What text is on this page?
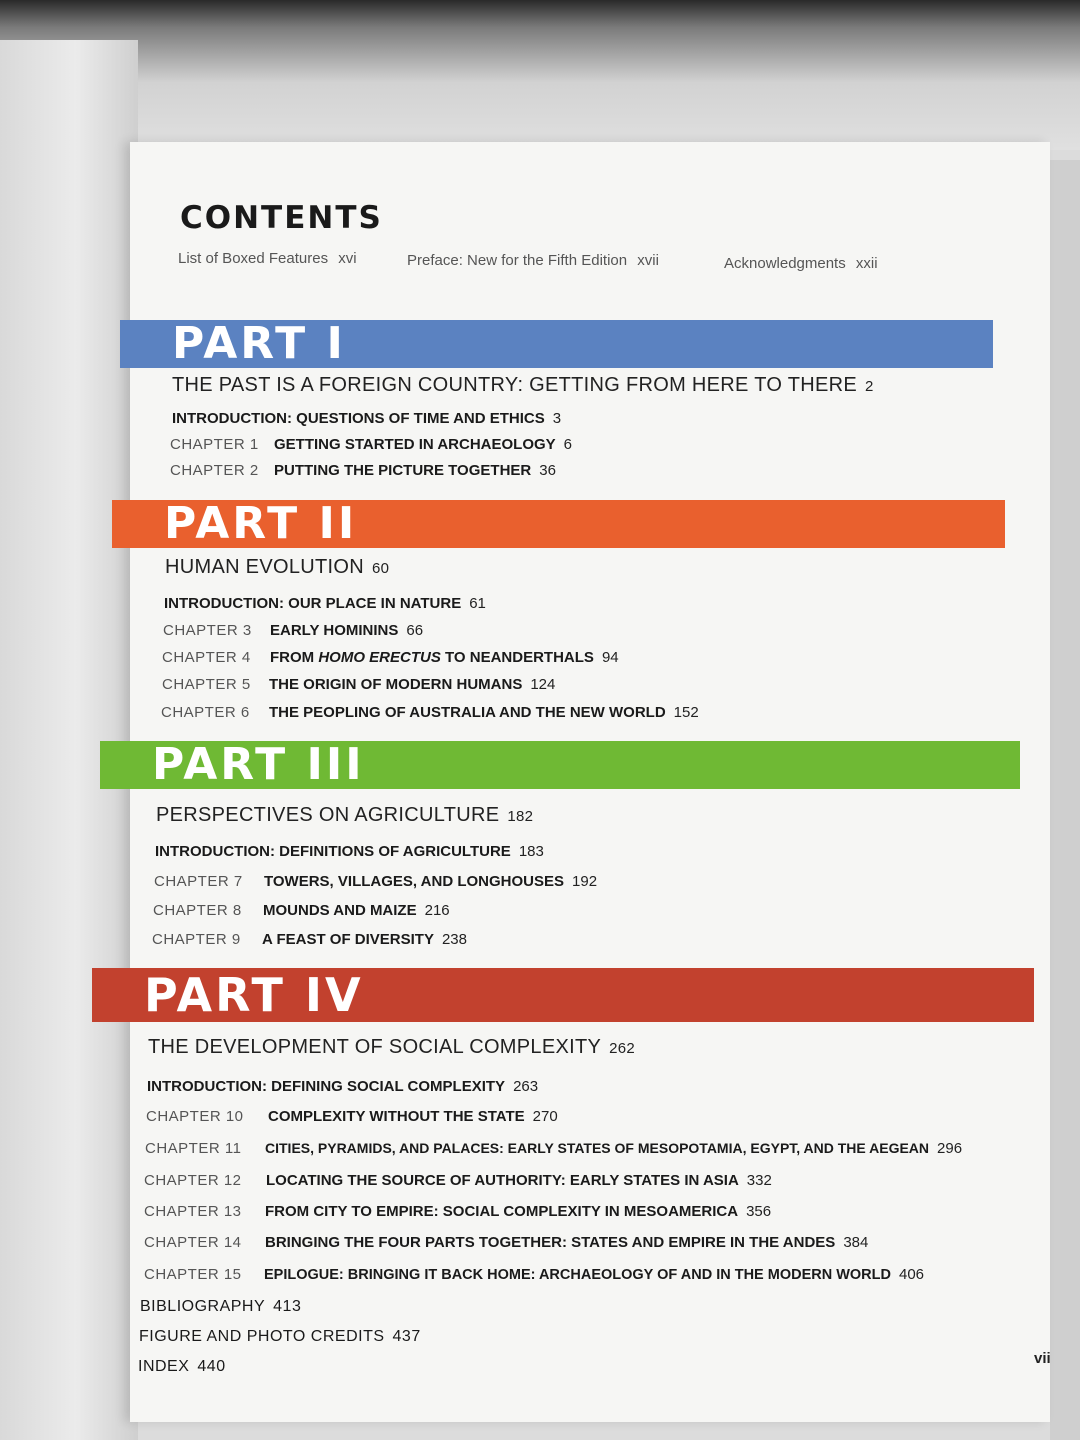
CONTENTS
List of Boxed Features xvi	Preface: New for the Fifth Edition xvii	Acknowledgments xxii
PART I
THE PAST IS A FOREIGN COUNTRY: GETTING FROM HERE TO THERE 2
INTRODUCTION: QUESTIONS OF TIME AND ETHICS 3
CHAPTER 1 GETTING STARTED IN ARCHAEOLOGY 6
CHAPTER 2 PUTTING THE PICTURE TOGETHER 36
PART II
HUMAN EVOLUTION 60
INTRODUCTION: OUR PLACE IN NATURE 61
CHAPTER 3 EARLY HOMININS 66
CHAPTER 4 FROM HOMO ERECTUS TO NEANDERTHALS 94
CHAPTER 5 THE ORIGIN OF MODERN HUMANS 124
CHAPTER 6 THE PEOPLING OF AUSTRALIA AND THE NEW WORLD 152
PART III
PERSPECTIVES ON AGRICULTURE 182
INTRODUCTION: DEFINITIONS OF AGRICULTURE 183
CHAPTER 7 TOWERS, VILLAGES, AND LONGHOUSES 192
CHAPTER 8 MOUNDS AND MAIZE 216
CHAPTER 9 A FEAST OF DIVERSITY 238
PART IV
THE DEVELOPMENT OF SOCIAL COMPLEXITY 262
INTRODUCTION: DEFINING SOCIAL COMPLEXITY 263
CHAPTER 10 COMPLEXITY WITHOUT THE STATE 270
CHAPTER 11 CITIES, PYRAMIDS, AND PALACES: EARLY STATES OF MESOPOTAMIA, EGYPT, AND THE AEGEAN 296
CHAPTER 12 LOCATING THE SOURCE OF AUTHORITY: EARLY STATES IN ASIA 332
CHAPTER 13 FROM CITY TO EMPIRE: SOCIAL COMPLEXITY IN MESOAMERICA 356
CHAPTER 14 BRINGING THE FOUR PARTS TOGETHER: STATES AND EMPIRE IN THE ANDES 384
CHAPTER 15 EPILOGUE: BRINGING IT BACK HOME: ARCHAEOLOGY OF AND IN THE MODERN WORLD 406
BIBLIOGRAPHY 413
FIGURE AND PHOTO CREDITS 437
INDEX 440	vii
